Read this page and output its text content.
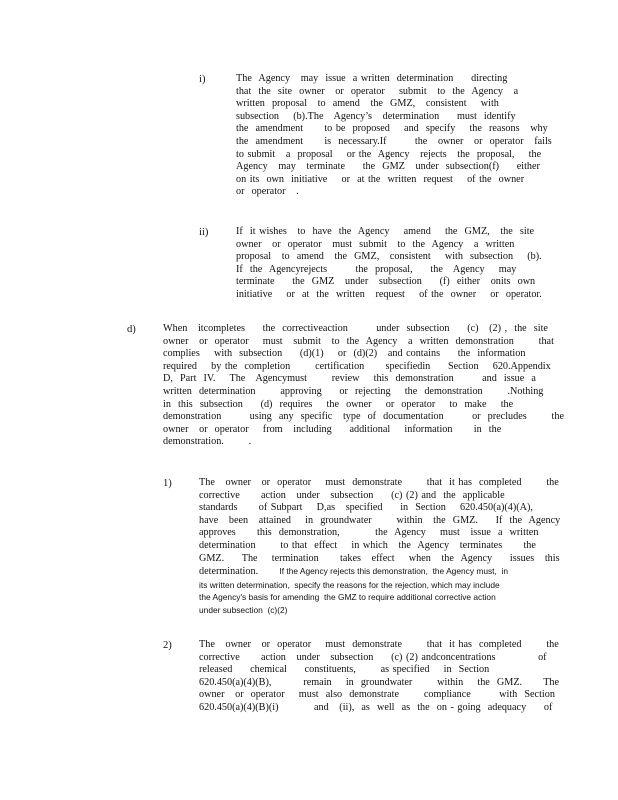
i)	The  Agency   may  issue  a written  determination     directing
that  the  site  owner   or  operator    submit   to  the  Agency   a
written  proposal   to  amend   the  GMZ,   consistent    with
subsection    (b).The   Agency’s   determination     must  identify
the  amendment      to be  proposed    and  specify    the  reasons   why
the  amendment      is  necessary.If        the   owner   or  operator   fails
to submit   a  proposal    or the  Agency   rejects   the  proposal,    the
Agency   may   terminate     the  GMZ   under  subsection(f)     either
on its  own  initiative    or  at the  written  request    of the  owner
or  operator   .
ii)	If  it wishes   to  have  the  Agency    amend    the  GMZ,   the  site
owner   or  operator   must  submit   to  the  Agency   a  written
proposal   to  amend   the  GMZ,   consistent    with  subsection    (b).
If  the  Agencyrejects        the  proposal,     the   Agency    may
terminate     the  GMZ   under   subsection     (f)  either   onits  own
initiative    or  at  the  written   request    of the  owner    or  operator.
d)	When   itcompletes     the  correctiveaction        under  subsection     (c)   (2) ,  the  site
owner   or  operator    must   submit   to  the  Agency   a  written  demonstration       that
complies    with  subsection     (d)(1)    or  (d)(2)   and contains     the  information
required    by the  completion       certification      specifiedin     Section    620.Appendix
D,  Part  IV.    The   Agencymust       review    this  demonstration        and  issue  a
written  determination       approving     or  rejecting    the  demonstration       .Nothing
in  this  subsection     (d)  requires    the  owner    or  operator    to  make    the
demonstration        using  any  specific   type  of  documentation        or  precludes       the
owner   or  operator    from   including     additional    information      in  the
demonstration.       .
1)	The   owner   or  operator    must  demonstrate       that  it has  completed       the
corrective      action   under   subsection     (c) (2) and  the  applicable
standards      of Subpart    D,as   specified     in  Section    620.450(a)(4)(A),
have   been   attained    in  groundwater       within   the  GMZ.     If  the  Agency
approves      this  demonstration,          the  Agency    must   issue  a  written
determination       to that  effect    in which   the  Agency   terminates      the
GMZ.     The    termination      takes   effect    when   the  Agency     issues   this
determination.	If the Agency rejects this demonstration,  the Agency must,  in
its written determination,  specify the reasons for the rejection, which may include
the Agency's basis for amending  the GMZ to require additional corrective action
under subsection  (c)(2)
2)	The   owner   or  operator    must  demonstrate       that  it has  completed       the
corrective      action   under   subsection     (c) (2) andconcentrations            of
released     chemical     constituents,       as specified    in  Section
620.450(a)(4)(B),         remain    in  groundwater       within    the  GMZ.      The
owner   or  operator    must  also  demonstrate       compliance        with  Section
620.450(a)(4)(B)(i)          and   (ii),  as  well  as  the  on - going  adequacy     of
